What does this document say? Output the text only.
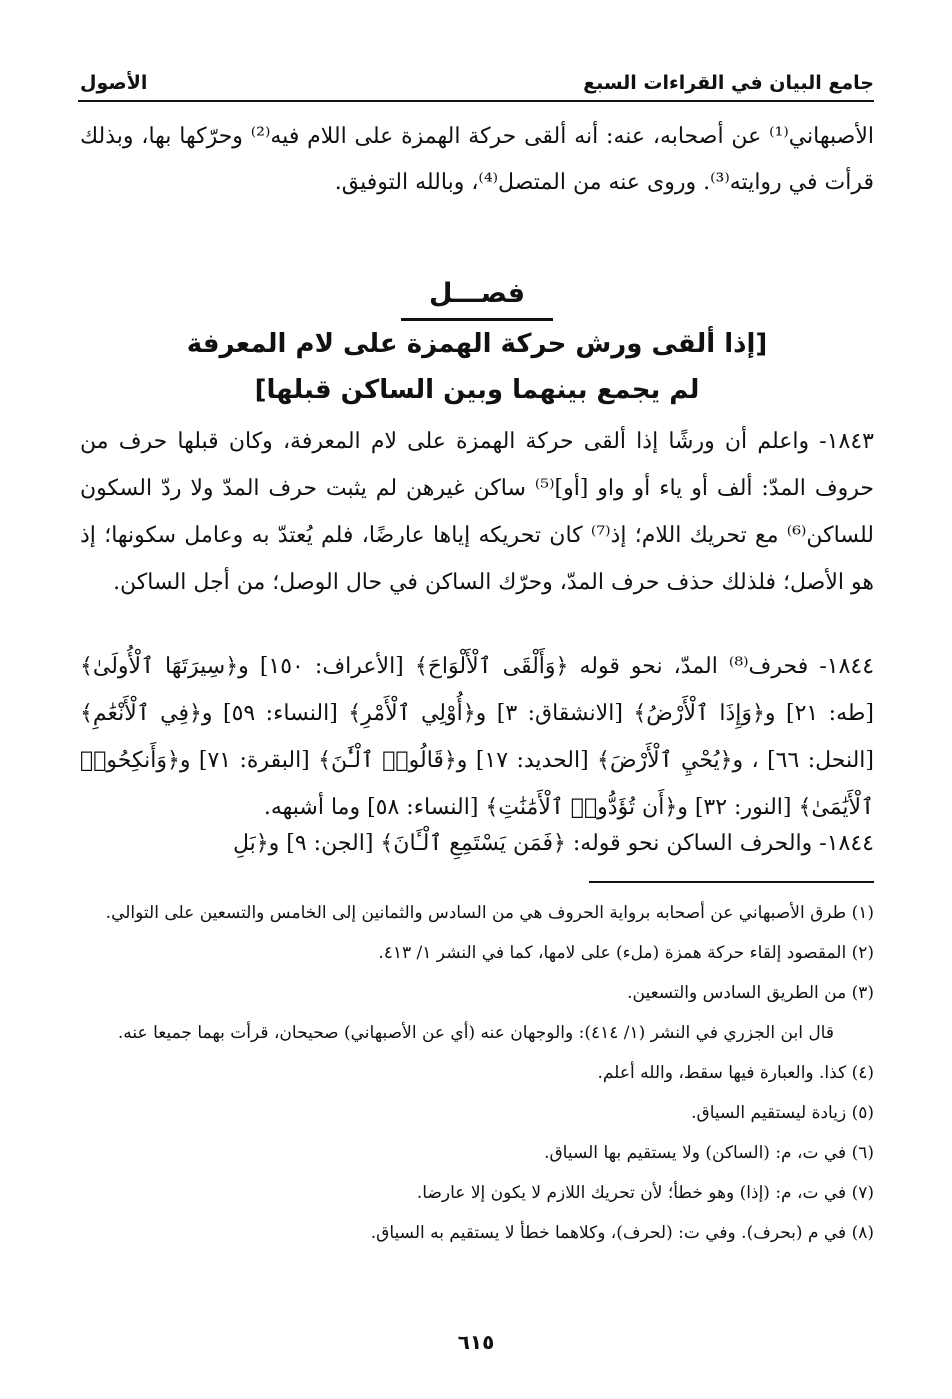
جامع البيان في القراءات السبع
الأصول
الأصبهاني⁽¹⁾ عن أصحابه، عنه: أنه ألقى حركة الهمزة على اللام فيه⁽²⁾ وحرّكها بها، وبذلك قرأت في روايته⁽³⁾. وروى عنه من المتصل⁽⁴⁾، وبالله التوفيق.
فصـــل
[إذا ألقى ورش حركة الهمزة على لام المعرفة
لم يجمع بينهما وبين الساكن قبلها]
١٨٤٣- واعلم أن ورشًا إذا ألقى حركة الهمزة على لام المعرفة، وكان قبلها حرف من حروف المدّ: ألف أو ياء أو واو [أو]⁽⁵⁾ ساكن غيرهن لم يثبت حرف المدّ ولا ردّ السكون للساكن⁽⁶⁾ مع تحريك اللام؛ إذ⁽⁷⁾ كان تحريكه إياها عارضًا، فلم يُعتدّ به وعامل سكونها؛ إذ هو الأصل؛ فلذلك حذف حرف المدّ، وحرّك الساكن في حال الوصل؛ من أجل الساكن.
١٨٤٤- فحرف⁽⁸⁾ المدّ، نحو قوله ﴿وَأَلْقَى ٱلْأَلْوَاحَ﴾ [الأعراف: ١٥٠] و﴿سِيرَتَهَا ٱلْأُولَىٰ﴾ [طه: ٢١] و﴿وَإِذَا ٱلْأَرْضُ﴾ [الانشقاق: ٣] و﴿أُوْلِي ٱلْأَمْرِ﴾ [النساء: ٥٩] و﴿فِي ٱلْأَنْعَٰمِ﴾ [النحل: ٦٦] ، و﴿يُحْيِ ٱلْأَرْضَ﴾ [الحديد: ١٧] و﴿قَالُوا۟ ٱلْـَٰٔنَ﴾ [البقرة: ٧١] و﴿وَأَنكِحُوا۟ ٱلْأَيَٰمَىٰ﴾ [النور: ٣٢] و﴿أَن تُؤَدُّوا۟ ٱلْأَمَٰنَٰتِ﴾ [النساء: ٥٨] وما أشبهه.
١٨٤٤- والحرف الساكن نحو قوله: ﴿فَمَن يَسْتَمِعِ ٱلْـَٔانَ﴾ [الجن: ٩] و﴿بَلِ
(١) طرق الأصبهاني عن أصحابه برواية الحروف هي من السادس والثمانين إلى الخامس والتسعين على التوالي.
(٢) المقصود إلقاء حركة همزة (ملء) على لامها، كما في النشر ١/ ٤١٣.
(٣) من الطريق السادس والتسعين.
قال ابن الجزري في النشر (١/ ٤١٤): والوجهان عنه (أي عن الأصبهاني) صحيحان، قرأت بهما جميعا عنه.
(٤) كذا. والعبارة فيها سقط، والله أعلم.
(٥) زيادة ليستقيم السياق.
(٦) في ت، م: (الساكن) ولا يستقيم بها السياق.
(٧) في ت، م: (إذا) وهو خطأ؛ لأن تحريك اللازم لا يكون إلا عارضا.
(٨) في م (بحرف). وفي ت: (لحرف)، وكلاهما خطأ لا يستقيم به السياق.
٦١٥
